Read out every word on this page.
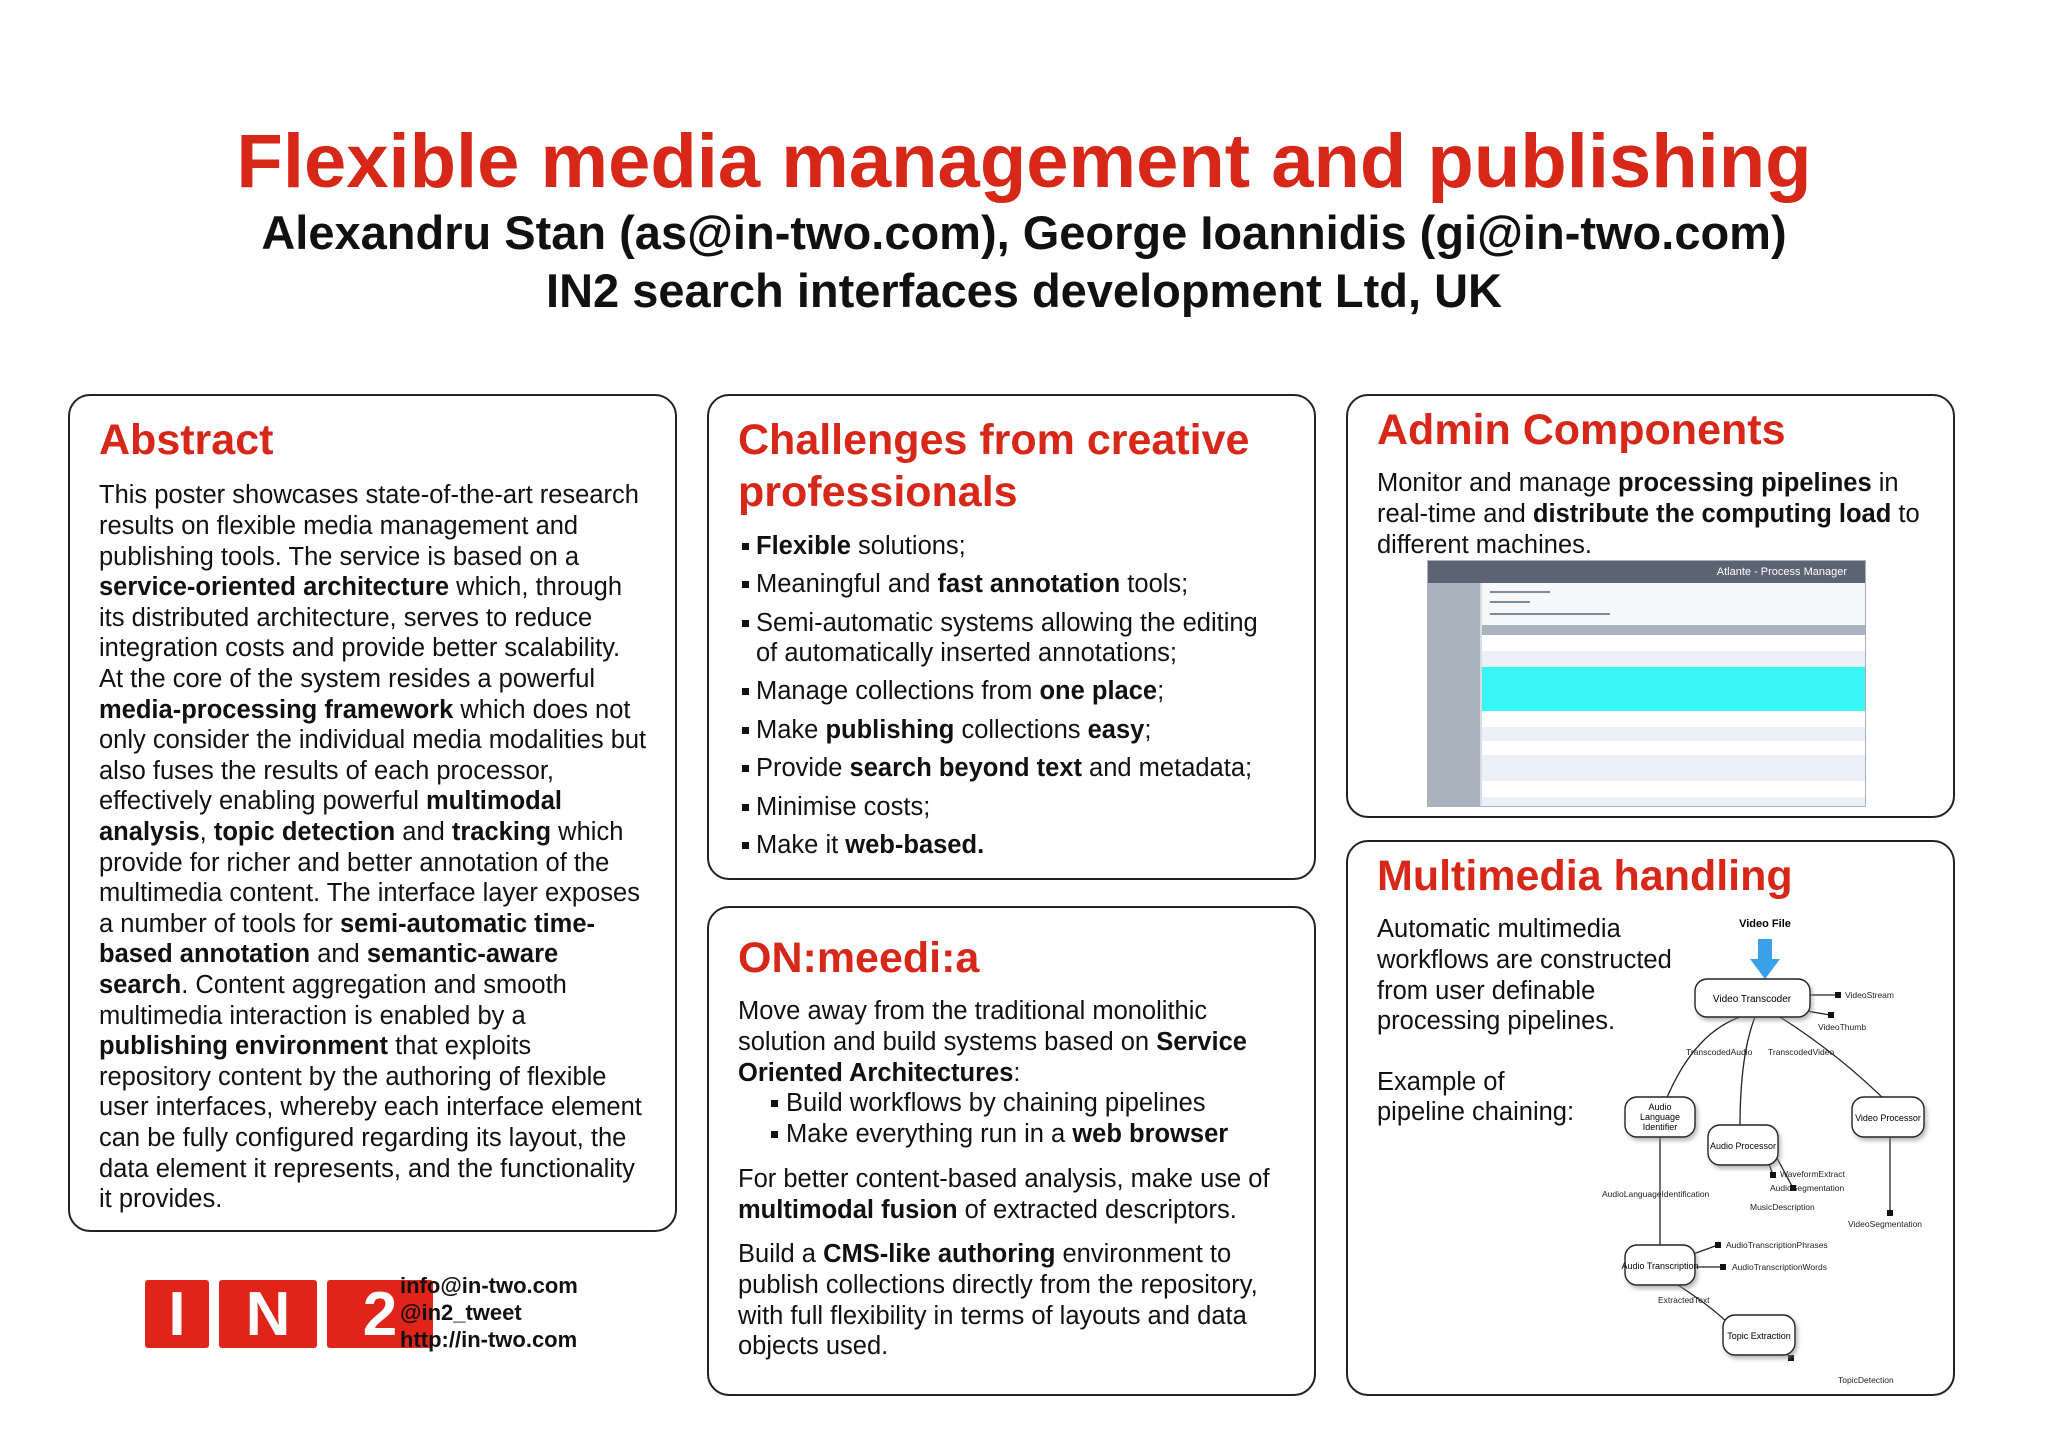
Flexible media management and publishing

Alexandru Stan (as@in-two.com), George Ioannidis (gi@in-two.com)

IN2 search interfaces development Ltd, UK

Abstract

This poster showcases state-of-the-art research results on flexible media management and publishing tools. The service is based on a service-oriented architecture which, through its distributed architecture, serves to reduce integration costs and provide better scalability. At the core of the system resides a powerful media-processing framework which does not only consider the individual media modalities but also fuses the results of each processor, effectively enabling powerful multimodal analysis, topic detection and tracking which provide for richer and better annotation of the multimedia content. The interface layer exposes a number of tools for semi-automatic time-based annotation and semantic-aware search. Content aggregation and smooth multimedia interaction is enabled by a publishing environment that exploits repository content by the authoring of flexible user interfaces, whereby each interface element can be fully configured regarding its layout, the data element it represents, and the functionality it provides.

Challenges from creative professionals
Flexible solutions;
Meaningful and fast annotation tools;
Semi-automatic systems allowing the editing of automatically inserted annotations;
Manage collections from one place;
Make publishing collections easy;
Provide search beyond text and metadata;
Minimise costs;
Make it web-based.
ON:meedi:a

Move away from the traditional monolithic solution and build systems based on Service Oriented Architectures:

Build workflows by chaining pipelines
Make everything run in a web browser

For better content-based analysis, make use of multimodal fusion of extracted descriptors.

Build a CMS-like authoring environment to publish collections directly from the repository, with full flexibility in terms of layouts and data objects used.

Admin Components

Monitor and manage processing pipelines in real-time and distribute the computing load to different machines.

Atlante - Process Manager
Multimedia handling

Automatic multimedia workflows are constructed from user definable processing pipelines.

Example of pipeline chaining:

Video File
Video Transcoder
Audio Language Identifier
Audio Processor
Video Processor
Audio Transcription
Topic Extraction
VideoStream
VideoThumb
TranscodedAudio TranscodedVideo
WaveformExtract
AudioSegmentation
MusicDescription
AudioLanguageIdentification
VideoSegmentation
AudioTranscriptionPhrases
AudioTranscriptionWords
ExtractedText
TopicDetection
I N	2 info@in-two.com
@in2_tweet
http://in-two.com
